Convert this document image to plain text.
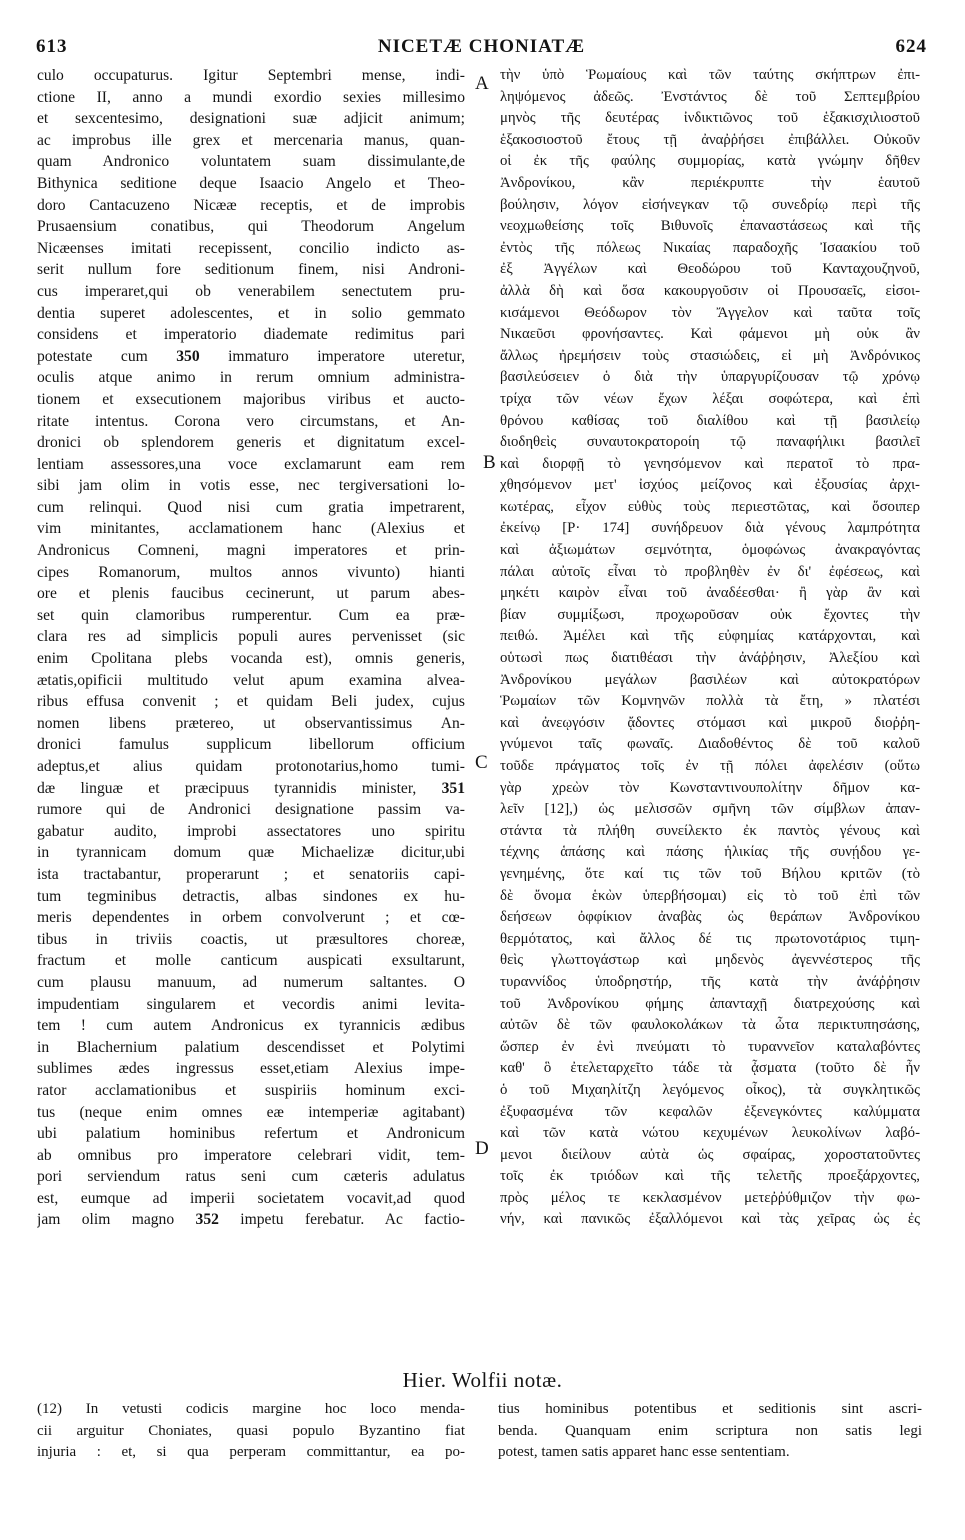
613	NICETÆ CHONIATÆ	624
A
B
C
D
culo occupaturus. Igitur Septembri mense, indi-
ctione II, anno a mundi exordio sexies millesimo
et sexcentesimo, designationi suæ adjicit animum;
ac improbus ille grex et mercenaria manus, quan-
quam Andronico voluntatem suam dissimulante,de
Bithynica seditione deque Isaacio Angelo et Theo-
doro Cantacuzeno Nicææ receptis, et de improbis
Prusaensium conatibus, qui Theodorum Angelum
Nicæenses imitati recepissent, concilio indicto as-
serit nullum fore seditionum finem, nisi Androni-
cus imperaret,qui ob venerabilem senectutem pru-
dentia superet adolescentes, et in solio gemmato
considens et imperatorio diademate redimitus pari
potestate cum 350 immaturo imperatore uteretur,
oculis atque animo in rerum omnium administra-
tionem et exsecutionem majoribus viribus et aucto-
ritate intentus. Corona vero circumstans, et An-
dronici ob splendorem generis et dignitatum excel-
lentiam assessores,una voce exclamarunt eam rem
sibi jam olim in votis esse, nec tergiversationi lo-
cum relinqui. Quod nisi cum gratia impetrarent,
vim minitantes, acclamationem hanc (Alexius et
Andronicus Comneni, magni imperatores et prin-
cipes Romanorum, multos annos vivunto) hianti
ore et plenis faucibus cecinerunt, ut parum abes-
set quin clamoribus rumperentur. Cum ea præ-
clara res ad simplicis populi aures pervenisset (sic
enim Cpolitana plebs vocanda est), omnis generis,
ætatis,opificii multitudo velut apum examina alvea-
ribus effusa convenit ; et quidam Beli judex, cujus
nomen libens prætereo, ut observantissimus An-
dronici famulus supplicum libellorum officium
adeptus,et alius quidam protonotarius,homo tumi-
dæ linguæ et præcipuus tyrannidis minister, 351
rumore qui de Andronici designatione passim va-
gabatur audito, improbi assectatores uno spiritu
in tyrannicam domum quæ Michaelizæ dicitur,ubi
ista tractabantur, properarunt ; et senatoriis capi-
tum tegminibus detractis, albas sindones ex hu-
meris dependentes in orbem convolverunt ; et cœ-
tibus in triviis coactis, ut præsultores choreæ,
fractum et molle canticum auspicati exsultarunt,
cum plausu manuum, ad numerum saltantes. O
impudentiam singularem et vecordis animi levita-
tem ! cum autem Andronicus ex tyrannicis ædibus
in Blachernium palatium descendisset et Polytimi
sublimes ædes ingressus esset,etiam Alexius impe-
rator acclamationibus et suspiriis hominum exci-
tus (neque enim omnes eæ intemperiæ agitabant)
ubi palatium hominibus refertum et Andronicum
ab omnibus pro imperatore celebrari vidit, tem-
pori serviendum ratus seni cum cæteris adulatus
est, eumque ad imperii societatem vocavit,ad quod
jam olim magno 352 impetu ferebatur. Ac factio-
τὴν ὑπὸ Ῥωμαίους καὶ τῶν ταύτης σκήπτρων ἐπι-
ληψόμενος ἀδεῶς. Ἐνστάντος δὲ τοῦ Σεπτεμβρίου
μηνὸς τῆς δευτέρας ἰνδικτιῶνος τοῦ ἑξακισχιλιοστοῦ
ἑξακοσιοστοῦ ἔτους τῇ ἀναῤῥήσει ἐπιβάλλει. Οὐκοῦν
οἱ ἐκ τῆς φαύλης συμμορίας, κατὰ γνώμην δῆθεν
Ἀνδρονίκου, κἂν περιέκρυπτε τὴν ἑαυτοῦ
βούλησιν, λόγον εἰσήνεγκαν τῷ συνεδρίῳ περὶ τῆς
νεοχμωθείσης τοῖς Βιθυνοῖς ἐπαναστάσεως καὶ τῆς
ἐντὸς τῆς πόλεως Νικαίας παραδοχῆς Ἰσαακίου τοῦ
ἐξ Ἀγγέλων καὶ Θεοδώρου τοῦ Κανταχουζηνοῦ,
ἀλλὰ δὴ καὶ ὅσα κακουργοῦσιν οἱ Προυσαεῖς, εἰσοι-
κισάμενοι Θεόδωρον τὸν Ἄγγελον καὶ ταῦτα τοῖς
Νικαεῦσι φρονήσαντες. Καὶ φάμενοι μὴ οὐκ ἂν
ἄλλως ἠρεμήσειν τοὺς στασιώδεις, εἰ μὴ Ἀνδρόνικος
βασιλεύσειεν ὁ διὰ τὴν ὑπαργυρίζουσαν τῷ χρόνῳ
τρίχα τῶν νέων ἔχων λέξαι σοφώτερα, καὶ ἐπὶ
θρόνου καθίσας τοῦ διαλίθου καὶ τῇ βασιλείῳ
διοδηθεὶς συναυτοκρατοροίη τῷ παναφήλικι βασιλεῖ
καὶ διορφῇ τὸ γενησόμενον καὶ περατοῖ τὸ πρα-
χθησόμενον μετ' ἰσχύος μείζονος καὶ ἐξουσίας ἀρχι-
κωτέρας, εἶχον εὐθὺς τοὺς περιεστῶτας, καὶ ὅσοιπερ
ἐκείνῳ [P· 174] συνήδρευον διὰ γένους λαμπρότητα
καὶ ἀξιωμάτων σεμνότητα, ὁμοφώνως ἀνακραγόντας
πάλαι αὐτοῖς εἶναι τὸ προβληθὲν ἐν δι' ἐφέσεως, καὶ
μηκέτι καιρὸν εἶναι τοῦ ἀναδέεσθαι· ἢ γὰρ ἂν καὶ
βίαν συμμίξωσι, προχωροῦσαν οὐκ ἔχοντες τὴν
πειθώ. Ἀμέλει καὶ τῆς εὐφημίας κατάρχονται, καὶ
οὑτωσὶ πως διατιθέασι τὴν ἀνάῤῥησιν, Ἀλεξίου καὶ
Ἀνδρονίκου μεγάλων βασιλέων καὶ αὐτοκρατόρων
Ῥωμαίων τῶν Κομνηνῶν πολλὰ τὰ ἔτη, » πλατέσι
καὶ ἀνεῳγόσιν ᾄδοντες στόμασι καὶ μικροῦ διοῤῥη-
γνύμενοι ταῖς φωναῖς. Διαδοθέντος δὲ τοῦ καλοῦ
τοῦδε πράγματος τοῖς ἐν τῇ πόλει ἀφελέσιν (οὕτω
γὰρ χρεὼν τὸν Κωνσταντινουπολίτην δῆμον κα-
λεῖν [12],) ὡς μελισσῶν σμῆνη τῶν σίμβλων ἀπαν-
στάντα τὰ πλήθη συνείλεκτο ἐκ παντὸς γένους καὶ
τέχνης ἁπάσης καὶ πάσης ἡλικίας τῆς συνῄδου γε-
γενημένης, ὅτε καί τις τῶν τοῦ Βήλου κριτῶν (τὸ
δὲ ὄνομα ἑκὼν ὑπερβήσομαι) εἰς τὸ τοῦ ἐπὶ τῶν
δεήσεων ὀφφίκιον ἀναβὰς ὡς θεράπων Ἀνδρονίκου
θερμότατος, καὶ ἄλλος δέ τις πρωτονοτάριος τιμη-
θεὶς γλωττογάστωρ καὶ μηδενὸς ἀγεννέστερος τῆς
τυραννίδος ὑποδρηστήρ, τῆς κατὰ τὴν ἀνάῤῥησιν
τοῦ Ἀνδρονίκου φήμης ἀπανταχῇ διατρεχούσης καὶ
αὐτῶν δὲ τῶν φαυλοκολάκων τὰ ὦτα περικτυπησάσης,
ὥσπερ ἐν ἑνὶ πνεύματι τὸ τυραννεῖον καταλαβόντες
καθ' ὃ ἐτελεταρχεῖτο τάδε τὰ ᾆσματα (τοῦτο δὲ ἦν
ὁ τοῦ Μιχαηλίτζη λεγόμενος οἶκος), τὰ συγκλητικῶς
ἐξυφασμένα τῶν κεφαλῶν ἐξενεγκόντες καλύμματα
καὶ τῶν κατὰ νώτου κεχυμένων λευκολίνων λαβό-
μενοι διείλουν αὐτὰ ὡς σφαίρας, χοροστατοῦντες
τοῖς ἐκ τριόδων καὶ τῆς τελετῆς προεξάρχοντες,
πρὸς μέλος τε κεκλασμένον μετεῤῥύθμιζον τὴν φω-
νήν, καὶ πανικῶς ἐξαλλόμενοι καὶ τὰς χεῖρας ὡς ἐς
Hier. Wolfii notæ.
(12) In vetusti codicis margine hoc loco menda-
cii arguitur Choniates, quasi populo Byzantino fiat
injuria : et, si qua perperam committantur, ea po-
tius hominibus potentibus et seditionis sint ascri-
benda. Quanquam enim scriptura non satis legi
potest, tamen satis apparet hanc esse sententiam.
